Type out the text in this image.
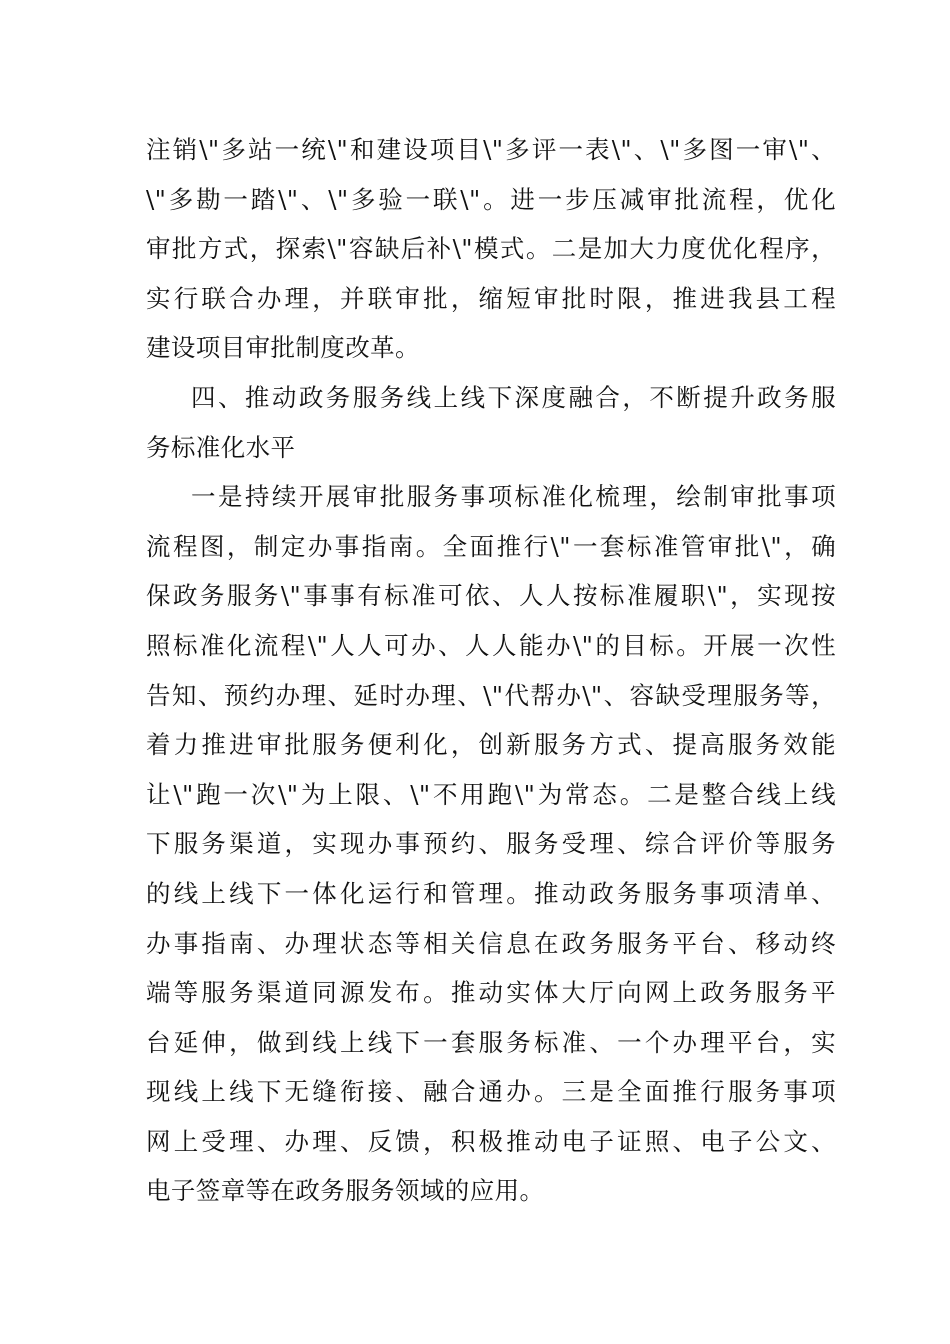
注销\"多站一统\"和建设项目\"多评一表\"、\"多图一审\"、
\"多勘一踏\"、\"多验一联\"。进一步压减审批流程，优化
审批方式，探索\"容缺后补\"模式。二是加大力度优化程序，
实行联合办理，并联审批，缩短审批时限，推进我县工程
建设项目审批制度改革。
四、推动政务服务线上线下深度融合，不断提升政务服
务标准化水平
一是持续开展审批服务事项标准化梳理，绘制审批事项
流程图，制定办事指南。全面推行\"一套标准管审批\"，确
保政务服务\"事事有标准可依、人人按标准履职\"，实现按
照标准化流程\"人人可办、人人能办\"的目标。开展一次性
告知、预约办理、延时办理、\"代帮办\"、容缺受理服务等，
着力推进审批服务便利化，创新服务方式、提高服务效能
让\"跑一次\"为上限、\"不用跑\"为常态。二是整合线上线
下服务渠道，实现办事预约、服务受理、综合评价等服务
的线上线下一体化运行和管理。推动政务服务事项清单、
办事指南、办理状态等相关信息在政务服务平台、移动终
端等服务渠道同源发布。推动实体大厅向网上政务服务平
台延伸，做到线上线下一套服务标准、一个办理平台，实
现线上线下无缝衔接、融合通办。三是全面推行服务事项
网上受理、办理、反馈，积极推动电子证照、电子公文、
电子签章等在政务服务领域的应用。
